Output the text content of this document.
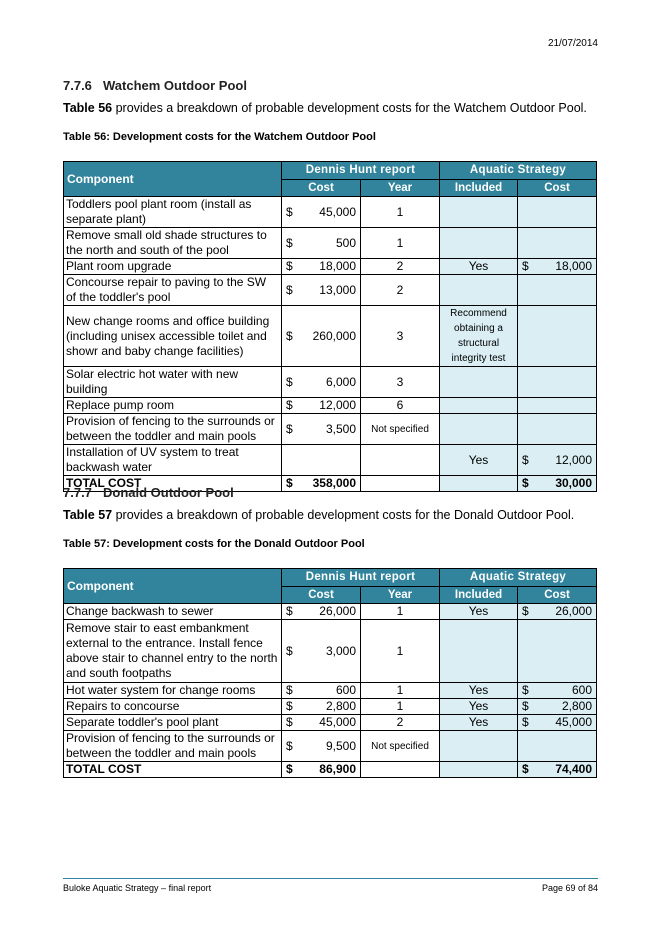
21/07/2014
7.7.6 Watchem Outdoor Pool
Table 56 provides a breakdown of probable development costs for the Watchem Outdoor Pool.
Table 56: Development costs for the Watchem Outdoor Pool
Component	Dennis Hunt report		Aquatic Strategy	
	Cost	Year	Included	Cost
Toddlers pool plant room (install as separate plant)	$ 45,000	1		

Remove small old shade structures to the north and south of the pool	$ 500	1		

Plant room upgrade	$ 18,000	2	Yes	$ 18,000

Concourse repair to paving to the SW of the toddler's pool	$ 13,000	2		

New change rooms and office building (including unisex accessible toilet and showr and baby change facilities)	$ 260,000	3	Recommend obtaining a structural integrity test	

Solar electric hot water with new building	$ 6,000	3		

Replace pump room	$ 12,000	6		

Provision of fencing to the surrounds or between the toddler and main pools	$ 3,500	Not specified		

Installation of UV system to treat backwash water			Yes	$ 12,000

TOTAL COST	$ 358,000			$ 30,000
7.7.7 Donald Outdoor Pool
Table 57 provides a breakdown of probable development costs for the Donald Outdoor Pool.
Table 57: Development costs for the Donald Outdoor Pool
Component	Dennis Hunt report		Aquatic Strategy	
	Cost	Year	Included	Cost
Change backwash to sewer	$ 26,000	1	Yes	$ 26,000

Remove stair to east embankment external to the entrance. Install fence above stair to channel entry to the north and south footpaths	$ 3,000	1		

Hot water system for change rooms	$ 600	1	Yes	$ 600

Repairs to concourse	$ 2,800	1	Yes	$ 2,800

Separate toddler's pool plant	$ 45,000	2	Yes	$ 45,000

Provision of fencing to the surrounds or between the toddler and main pools	$ 9,500	Not specified		

TOTAL COST	$ 86,900			$ 74,400
Buloke Aquatic Strategy – final report	Page 69 of 84
